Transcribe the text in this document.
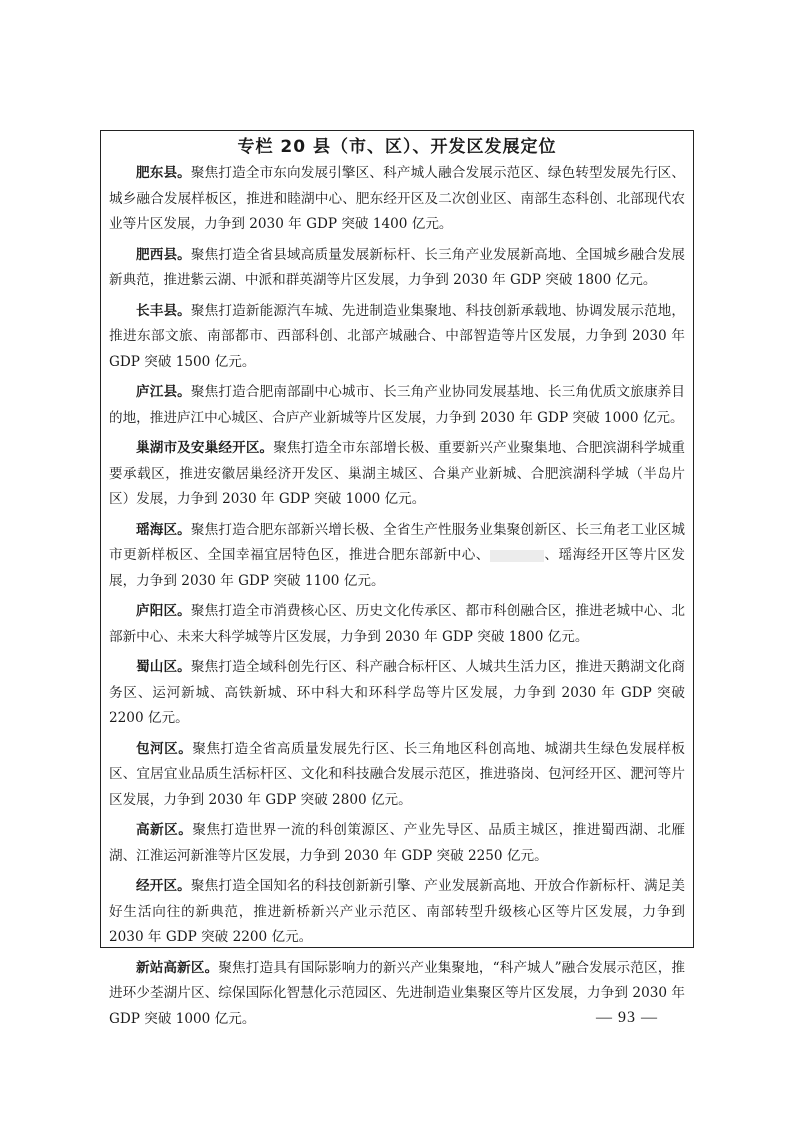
专栏 20 县（市、区）、开发区发展定位

肥东县。聚焦打造全市东向发展引擎区、科产城人融合发展示范区、绿色转型发展先行区、城乡融合发展样板区，推进和睦湖中心、肥东经开区及二次创业区、南部生态科创、北部现代农业等片区发展，力争到 2030 年 GDP 突破 1400 亿元。

肥西县。聚焦打造全省县域高质量发展新标杆、长三角产业发展新高地、全国城乡融合发展新典范，推进紫云湖、中派和群英湖等片区发展，力争到 2030 年 GDP 突破 1800 亿元。

长丰县。聚焦打造新能源汽车城、先进制造业集聚地、科技创新承载地、协调发展示范地，推进东部文旅、南部都市、西部科创、北部产城融合、中部智造等片区发展，力争到 2030 年 GDP 突破 1500 亿元。

庐江县。聚焦打造合肥南部副中心城市、长三角产业协同发展基地、长三角优质文旅康养目的地，推进庐江中心城区、合庐产业新城等片区发展，力争到 2030 年 GDP 突破 1000 亿元。

巢湖市及安巢经开区。聚焦打造全市东部增长极、重要新兴产业聚集地、合肥滨湖科学城重要承载区，推进安徽居巢经济开发区、巢湖主城区、合巢产业新城、合肥滨湖科学城（半岛片区）发展，力争到 2030 年 GDP 突破 1000 亿元。

瑶海区。聚焦打造合肥东部新兴增长极、全省生产性服务业集聚创新区、长三角老工业区城市更新样板区、全国幸福宜居特色区，推进合肥东部新中心、	、瑶海经开区等片区发展，力争到 2030 年 GDP 突破 1100 亿元。

庐阳区。聚焦打造全市消费核心区、历史文化传承区、都市科创融合区，推进老城中心、北部新中心、未来大科学城等片区发展，力争到 2030 年 GDP 突破 1800 亿元。

蜀山区。聚焦打造全域科创先行区、科产融合标杆区、人城共生活力区，推进天鹅湖文化商务区、运河新城、高铁新城、环中科大和环科学岛等片区发展，力争到 2030 年 GDP 突破 2200 亿元。

包河区。聚焦打造全省高质量发展先行区、长三角地区科创高地、城湖共生绿色发展样板区、宜居宜业品质生活标杆区、文化和科技融合发展示范区，推进骆岗、包河经开区、淝河等片区发展，力争到 2030 年 GDP 突破 2800 亿元。

高新区。聚焦打造世界一流的科创策源区、产业先导区、品质主城区，推进蜀西湖、北雁湖、江淮运河新淮等片区发展，力争到 2030 年 GDP 突破 2250 亿元。

经开区。聚焦打造全国知名的科技创新新引擎、产业发展新高地、开放合作新标杆、满足美好生活向往的新典范，推进新桥新兴产业示范区、南部转型升级核心区等片区发展，力争到 2030 年 GDP 突破 2200 亿元。

新站高新区。聚焦打造具有国际影响力的新兴产业集聚地，“科产城人”融合发展示范区，推进环少荃湖片区、综保国际化智慧化示范园区、先进制造业集聚区等片区发展，力争到 2030 年 GDP 突破 1000 亿元。	— 93 —
